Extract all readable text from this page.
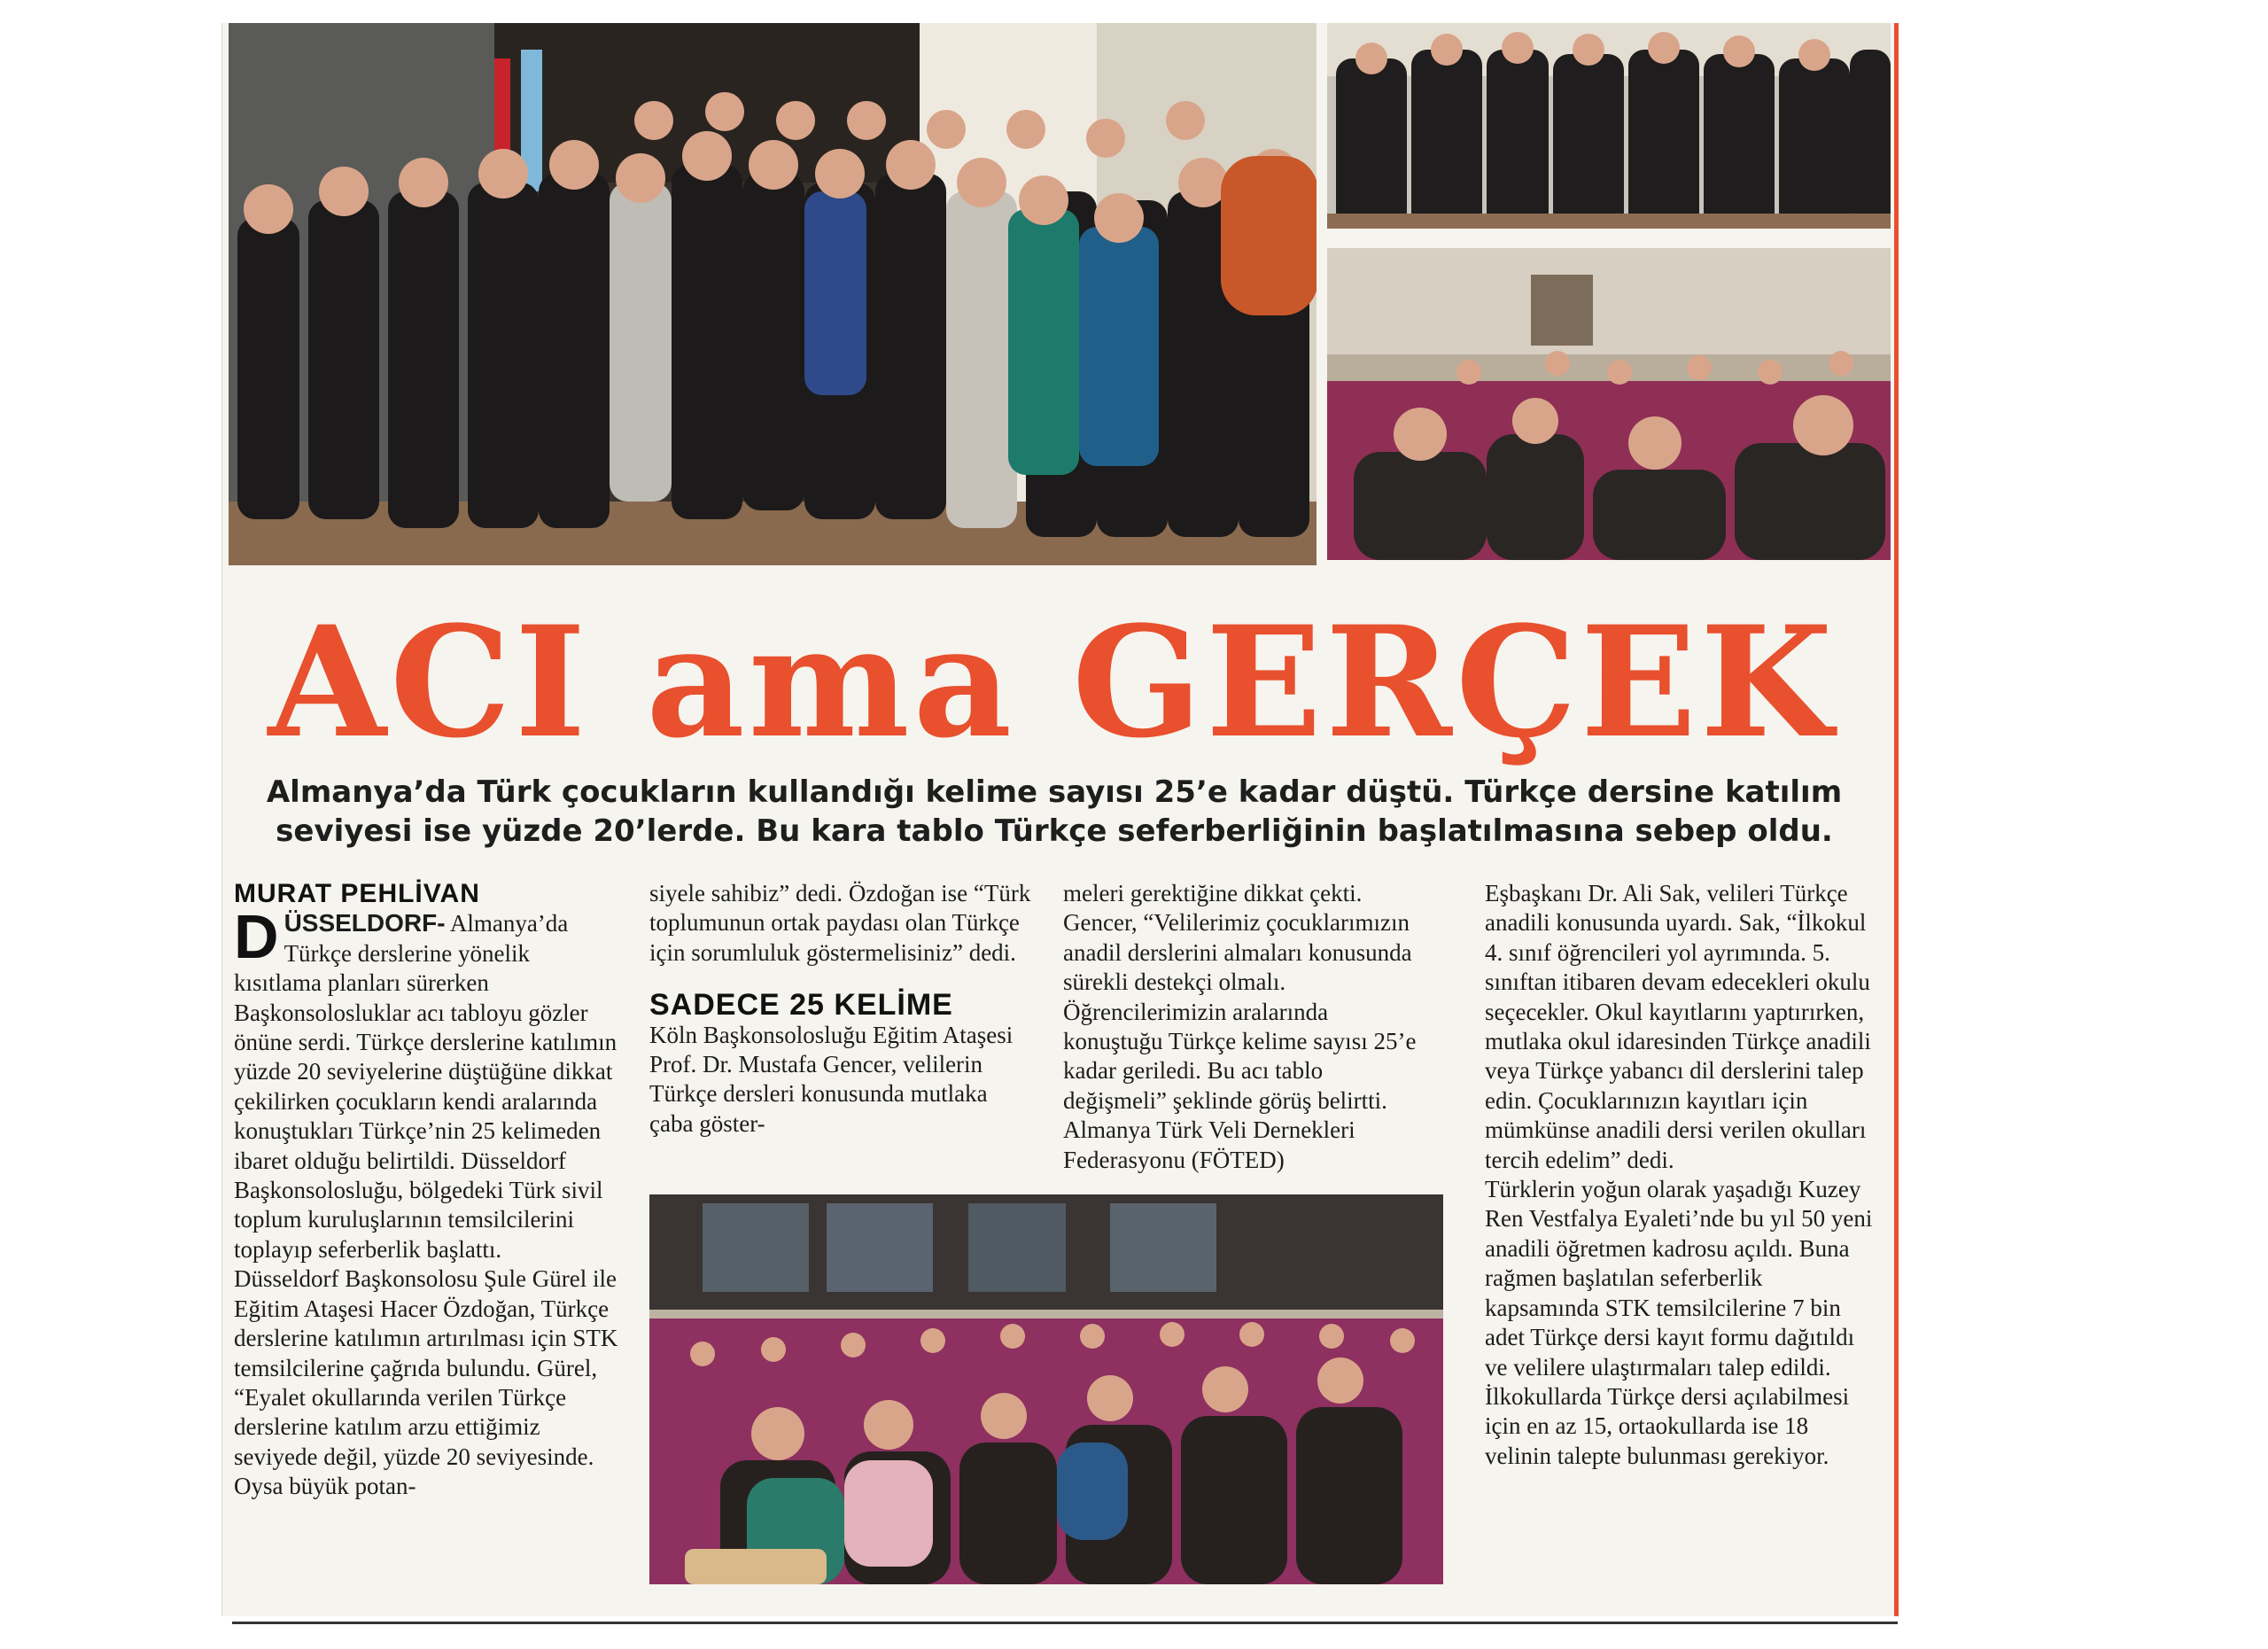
ACI ama GERÇEK

Almanya’da Türk çocukların kullandığı kelime sayısı 25’e kadar düştü. Türkçe dersine katılım seviyesi ise yüzde 20’lerde. Bu kara tablo Türkçe seferberliğinin başlatılmasına sebep oldu.

MURAT PEHLİVAN

DÜSSELDORF- Almanya’da Türkçe derslerine yönelik kısıtlama planları sürerken Başkonsolosluklar acı tabloyu gözler önüne serdi. Türkçe derslerine katılımın yüzde 20 seviyelerine düştüğüne dikkat çekilirken çocukların kendi aralarında konuştukları Türkçe’nin 25 kelimeden ibaret olduğu belirtildi. Düsseldorf Başkonsolosluğu, bölgedeki Türk sivil toplum kuruluşlarının temsilcilerini toplayıp seferberlik başlattı.

Düsseldorf Başkonsolosu Şule Gürel ile Eğitim Ataşesi Hacer Özdoğan, Türkçe derslerine katılımın artırılması için STK temsilcilerine çağrıda bulundu. Gürel, “Eyalet okullarında verilen Türkçe derslerine katılım arzu ettiğimiz seviyede değil, yüzde 20 seviyesinde. Oysa büyük potan-

siyele sahibiz” dedi. Özdoğan ise “Türk toplumunun ortak paydası olan Türkçe için sorumluluk göstermelisiniz” dedi.

SADECE 25 KELİME

Köln Başkonsolosluğu Eğitim Ataşesi Prof. Dr. Mustafa Gencer, velilerin Türkçe dersleri konusunda mutlaka çaba göster-

meleri gerektiğine dikkat çekti. Gencer, “Velilerimiz çocuklarımızın anadil derslerini almaları konusunda sürekli destekçi olmalı. Öğrencilerimizin aralarında konuştuğu Türkçe kelime sayısı 25’e kadar geriledi. Bu acı tablo değişmeli” şeklinde görüş belirtti. Almanya Türk Veli Dernekleri Federasyonu (FÖTED)

Eşbaşkanı Dr. Ali Sak, velileri Türkçe anadili konusunda uyardı. Sak, “İlkokul 4. sınıf öğrencileri yol ayrımında. 5. sınıftan itibaren devam edecekleri okulu seçecekler. Okul kayıtlarını yaptırırken, mutlaka okul idaresinden Türkçe anadili veya Türkçe yabancı dil derslerini talep edin. Çocuklarınızın kayıtları için mümkünse anadili dersi verilen okulları tercih edelim” dedi.

Türklerin yoğun olarak yaşadığı Kuzey Ren Vestfalya Eyaleti’nde bu yıl 50 yeni anadili öğretmen kadrosu açıldı. Buna rağmen başlatılan seferberlik kapsamında STK temsilcilerine 7 bin adet Türkçe dersi kayıt formu dağıtıldı ve velilere ulaştırmaları talep edildi. İlkokullarda Türkçe dersi açılabilmesi için en az 15, ortaokullarda ise 18 velinin talepte bulunması gerekiyor.
